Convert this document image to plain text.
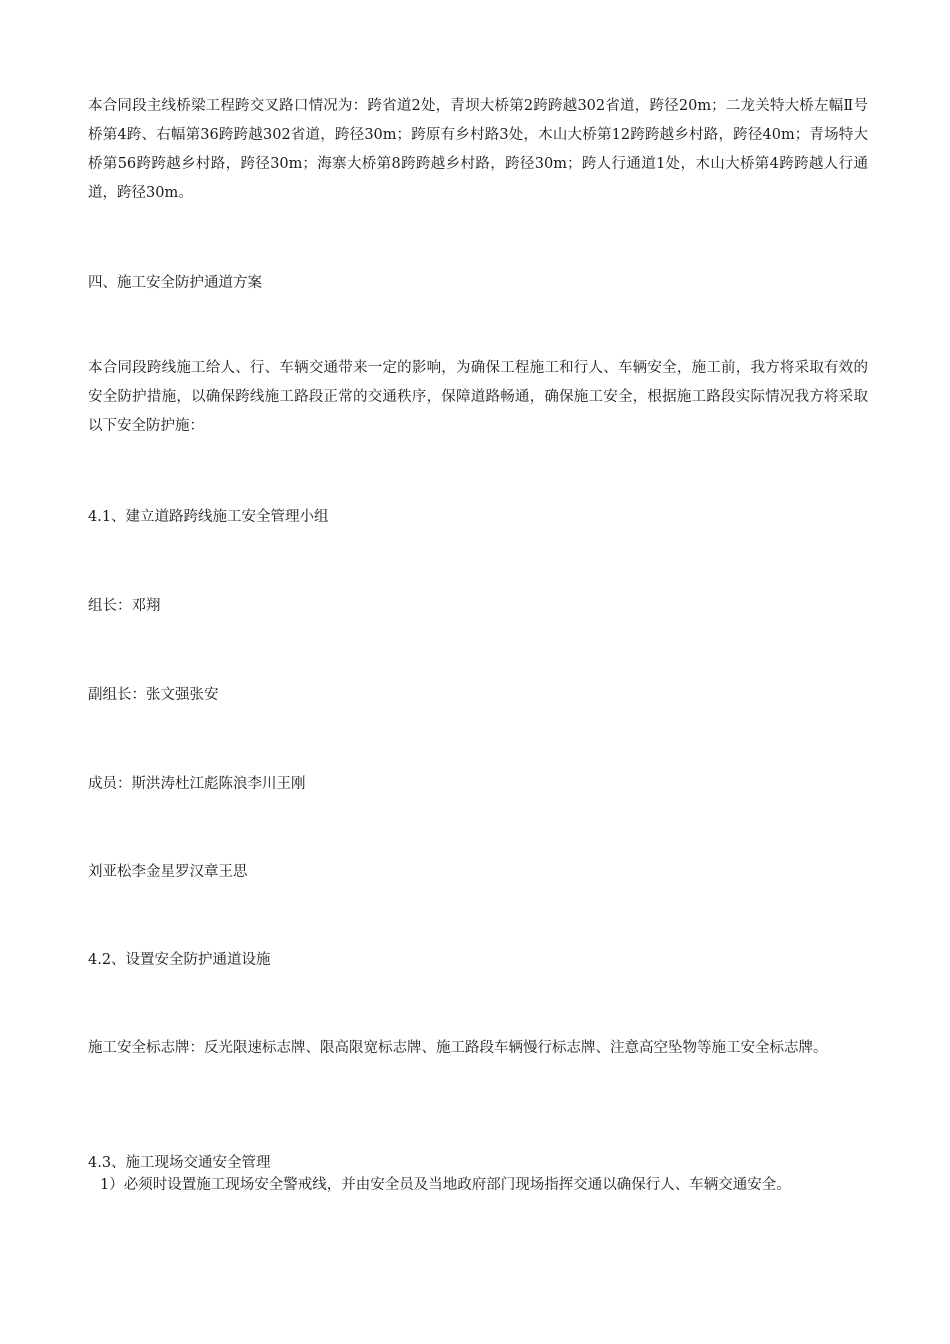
本合同段主线桥梁工程跨交叉路口情况为：跨省道2处，青坝大桥第2跨跨越302省道，跨径20m；二龙关特大桥左幅Ⅱ号桥第4跨、右幅第36跨跨越302省道，跨径30m；跨原有乡村路3处，木山大桥第12跨跨越乡村路，跨径40m；青场特大桥第56跨跨越乡村路，跨径30m；海寨大桥第8跨跨越乡村路，跨径30m；跨人行通道1处，木山大桥第4跨跨越人行通道，跨径30m。

四、施工安全防护通道方案

本合同段跨线施工给人、行、车辆交通带来一定的影响，为确保工程施工和行人、车辆安全，施工前，我方将采取有效的安全防护措施，以确保跨线施工路段正常的交通秩序，保障道路畅通，确保施工安全，根据施工路段实际情况我方将采取以下安全防护施：

4.1、建立道路跨线施工安全管理小组

组长：邓翔

副组长：张文强张安

成员：斯洪涛杜江彪陈浪李川王刚

刘亚松李金星罗汉章王思

4.2、设置安全防护通道设施

施工安全标志牌：反光限速标志牌、限高限宽标志牌、施工路段车辆慢行标志牌、注意高空坠物等施工安全标志牌。

4.3、施工现场交通安全管理

1）必须时设置施工现场安全警戒线，并由安全员及当地政府部门现场指挥交通以确保行人、车辆交通安全。
